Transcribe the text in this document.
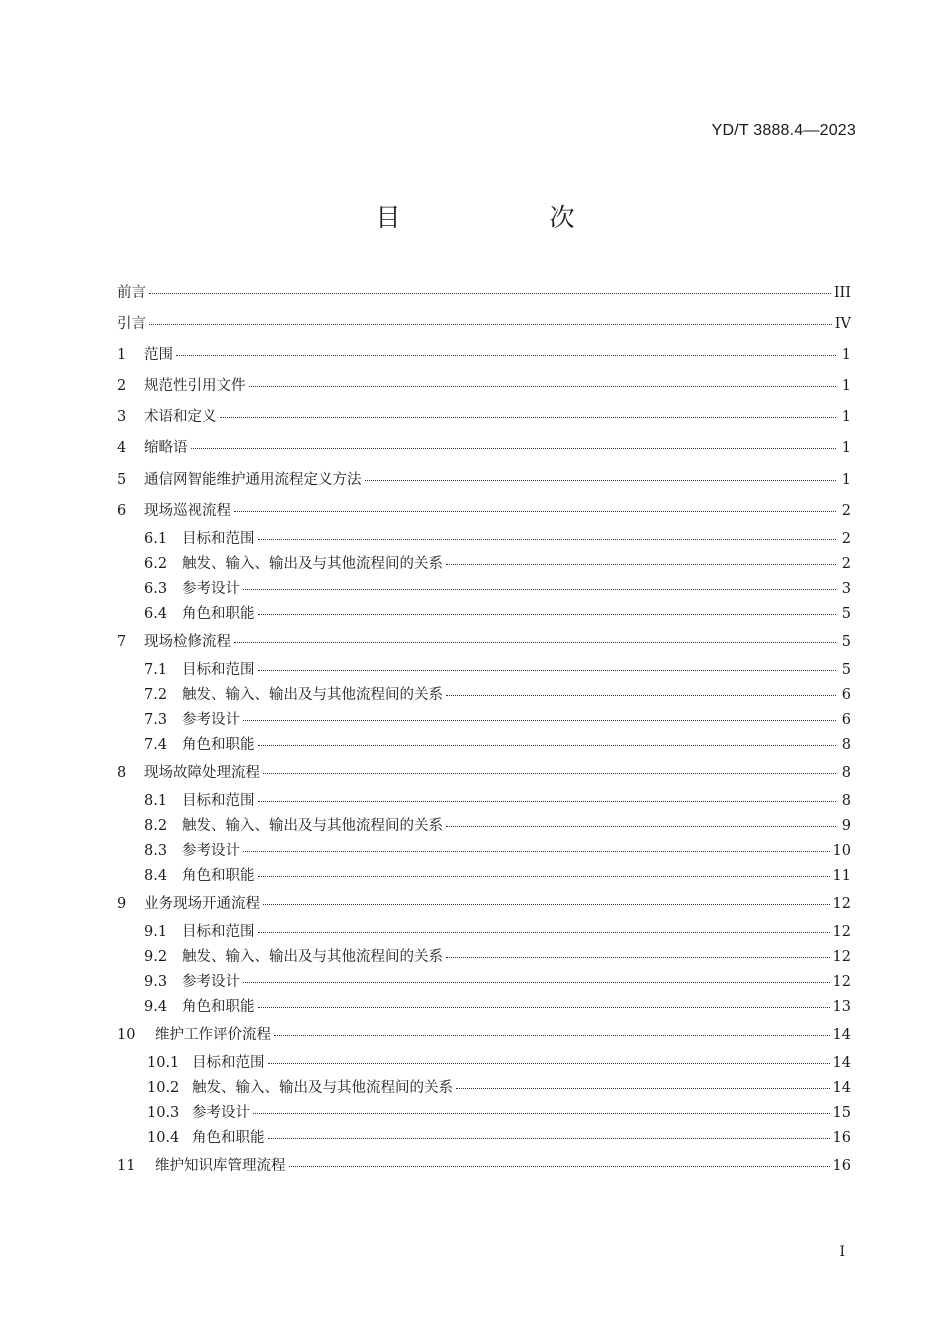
YD/T 3888.4—2023
目　次
前言	III
引言	IV
1	范围	1
2	规范性引用文件	1
3	术语和定义	1
4	缩略语	1
5	通信网智能维护通用流程定义方法	1
6	现场巡视流程	2
6.1	目标和范围	2
6.2	触发、输入、输出及与其他流程间的关系	2
6.3	参考设计	3
6.4	角色和职能	5
7	现场检修流程	5
7.1	目标和范围	5
7.2	触发、输入、输出及与其他流程间的关系	6
7.3	参考设计	6
7.4	角色和职能	8
8	现场故障处理流程	8
8.1	目标和范围	8
8.2	触发、输入、输出及与其他流程间的关系	9
8.3	参考设计	10
8.4	角色和职能	11
9	业务现场开通流程	12
9.1	目标和范围	12
9.2	触发、输入、输出及与其他流程间的关系	12
9.3	参考设计	12
9.4	角色和职能	13
10	维护工作评价流程	14
10.1 目标和范围	14
10.2 触发、输入、输出及与其他流程间的关系	14
10.3 参考设计	15
10.4 角色和职能	16
11	维护知识库管理流程	16
I
